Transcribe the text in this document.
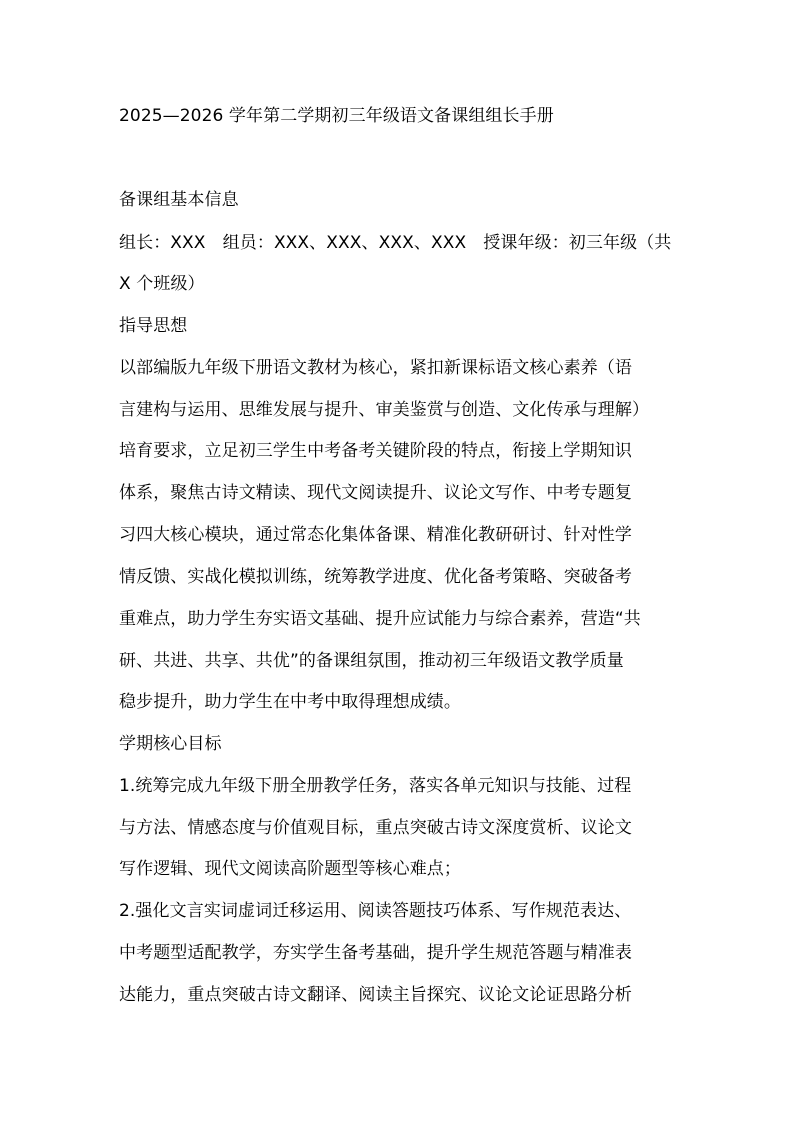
2025—2026 学年第二学期初三年级语文备课组组长手册
备课组基本信息
组长：XXX　组员：XXX、XXX、XXX、XXX　授课年级：初三年级（共
X 个班级）
指导思想
以部编版九年级下册语文教材为核心，紧扣新课标语文核心素养（语
言建构与运用、思维发展与提升、审美鉴赏与创造、文化传承与理解）
培育要求，立足初三学生中考备考关键阶段的特点，衔接上学期知识
体系，聚焦古诗文精读、现代文阅读提升、议论文写作、中考专题复
习四大核心模块，通过常态化集体备课、精准化教研研讨、针对性学
情反馈、实战化模拟训练，统筹教学进度、优化备考策略、突破备考
重难点，助力学生夯实语文基础、提升应试能力与综合素养，营造“共
研、共进、共享、共优”的备课组氛围，推动初三年级语文教学质量
稳步提升，助力学生在中考中取得理想成绩。
学期核心目标
1.统筹完成九年级下册全册教学任务，落实各单元知识与技能、过程
与方法、情感态度与价值观目标，重点突破古诗文深度赏析、议论文
写作逻辑、现代文阅读高阶题型等核心难点；
2.强化文言实词虚词迁移运用、阅读答题技巧体系、写作规范表达、
中考题型适配教学，夯实学生备考基础，提升学生规范答题与精准表
达能力，重点突破古诗文翻译、阅读主旨探究、议论文论证思路分析
